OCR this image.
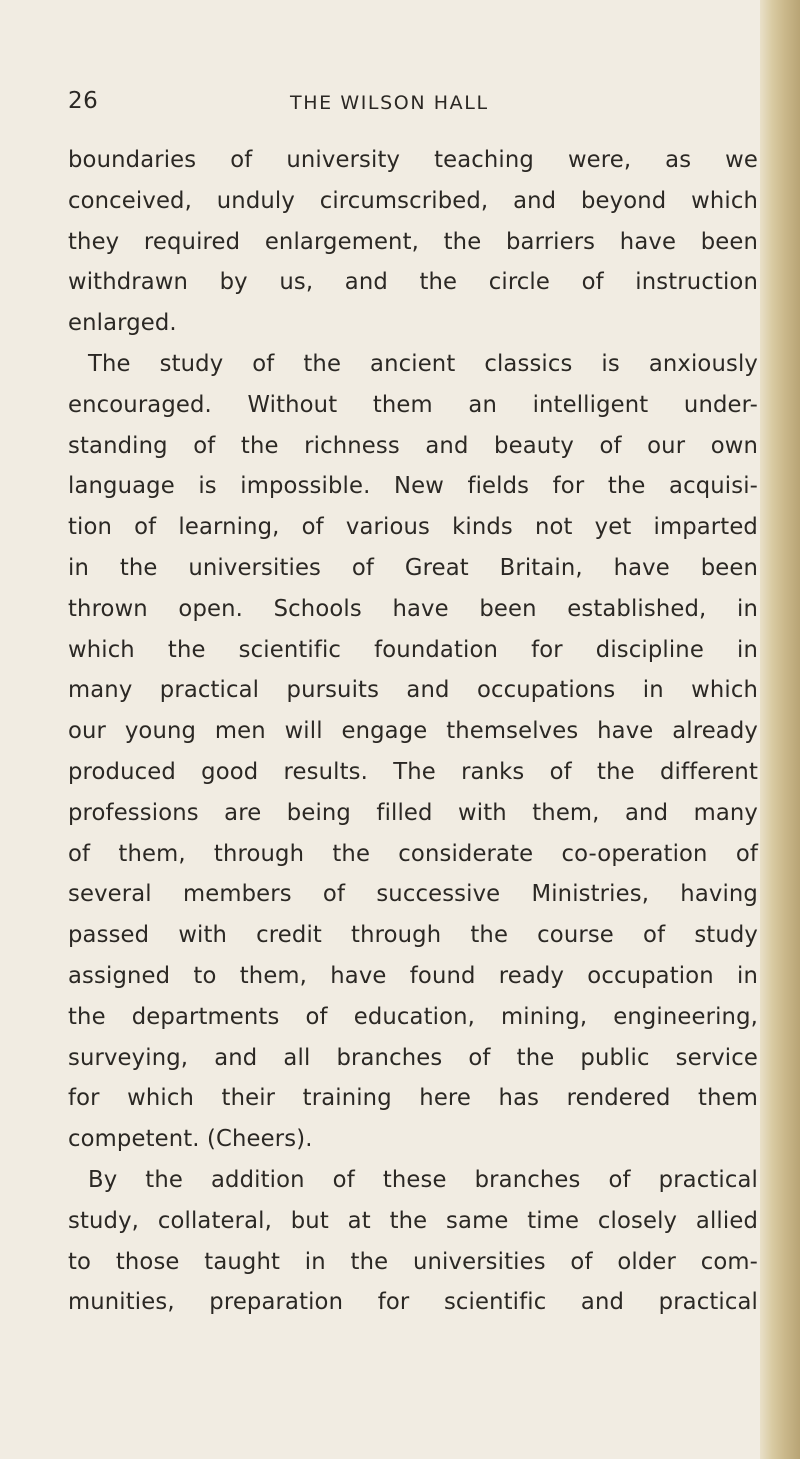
26	THE WILSON HALL
boundaries of university teaching were, as we
conceived, unduly circumscribed, and beyond which
they required enlargement, the barriers have been
withdrawn by us, and the circle of instruction
enlarged.
The study of the ancient classics is anxiously
encouraged. Without them an intelligent under-
standing of the richness and beauty of our own
language is impossible. New fields for the acquisi-
tion of learning, of various kinds not yet imparted
in the universities of Great Britain, have been
thrown open. Schools have been established, in
which the scientific foundation for discipline in
many practical pursuits and occupations in which
our young men will engage themselves have already
produced good results. The ranks of the different
professions are being filled with them, and many
of them, through the considerate co-operation of
several members of successive Ministries, having
passed with credit through the course of study
assigned to them, have found ready occupation in
the departments of education, mining, engineering,
surveying, and all branches of the public service
for which their training here has rendered them
competent. (Cheers).
By the addition of these branches of practical
study, collateral, but at the same time closely allied
to those taught in the universities of older com-
munities, preparation for scientific and practical
